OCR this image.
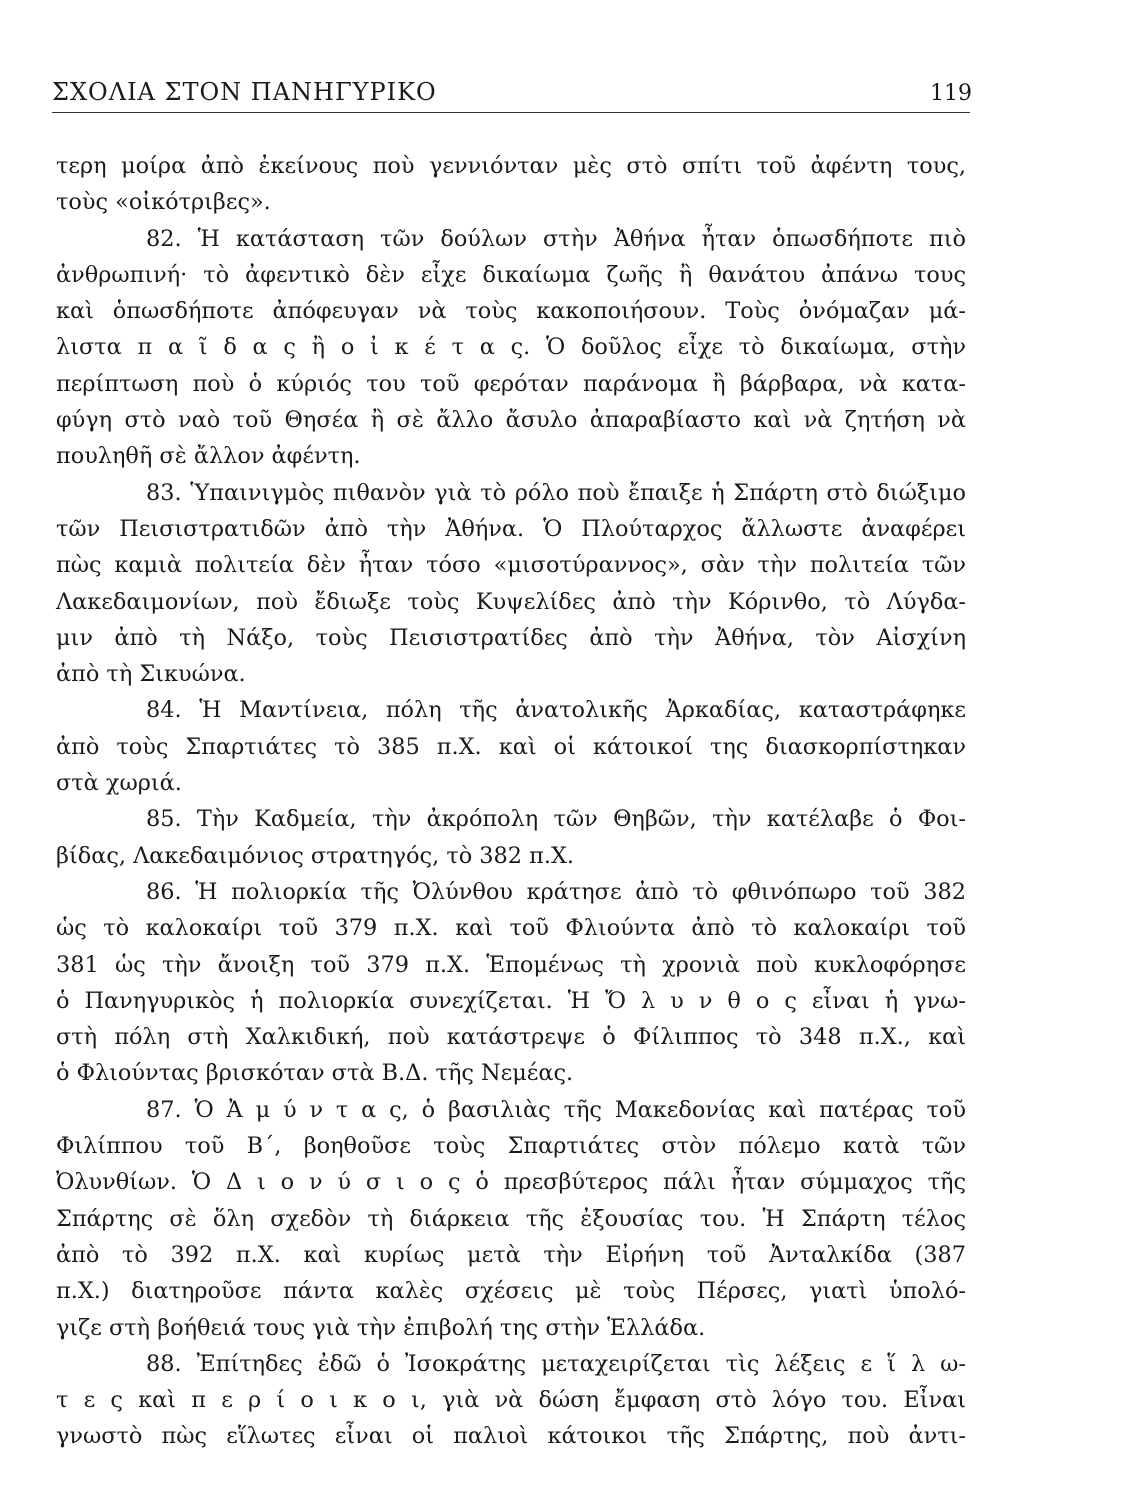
ΣΧΟΛΙΑ ΣΤΟΝ ΠΑΝΗΓΥΡΙΚΟ	119
τερη μοίρα ἀπὸ ἐκείνους ποὺ γεννιόνταν μὲς στὸ σπίτι τοῦ ἀφέντη τους,
τοὺς «οἰκότριβες».
82. Ἡ κατάσταση τῶν δούλων στὴν Ἀθήνα ἦταν ὁπωσδήποτε πιὸ
ἀνθρωπινή· τὸ ἀφεντικὸ δὲν εἶχε δικαίωμα ζωῆς ἢ θανάτου ἀπάνω τους
καὶ ὁπωσδήποτε ἀπόφευγαν νὰ τοὺς κακοποιήσουν. Τοὺς ὀνόμαζαν μά-
λιστα π α ῖ δ α ς ἢ ο ἰ κ έ τ α ς. Ὁ δοῦλος εἶχε τὸ δικαίωμα, στὴν
περίπτωση ποὺ ὁ κύριός του τοῦ φερόταν παράνομα ἢ βάρβαρα, νὰ κατα-
φύγη στὸ ναὸ τοῦ Θησέα ἢ σὲ ἄλλο ἄσυλο ἀπαραβίαστο καὶ νὰ ζητήση νὰ
πουληθῆ σὲ ἄλλον ἀφέντη.
83. Ὑπαινιγμὸς πιθανὸν γιὰ τὸ ρόλο ποὺ ἔπαιξε ἡ Σπάρτη στὸ διώξιμο
τῶν Πεισιστρατιδῶν ἀπὸ τὴν Ἀθήνα. Ὁ Πλούταρχος ἄλλωστε ἀναφέρει
πὼς καμιὰ πολιτεία δὲν ἦταν τόσο «μισοτύραννος», σὰν τὴν πολιτεία τῶν
Λακεδαιμονίων, ποὺ ἔδιωξε τοὺς Κυψελίδες ἀπὸ τὴν Κόρινθο, τὸ Λύγδα-
μιν ἀπὸ τὴ Νάξο, τοὺς Πεισιστρατίδες ἀπὸ τὴν Ἀθήνα, τὸν Αἰσχίνη
ἀπὸ τὴ Σικυώνα.
84. Ἡ Μαντίνεια, πόλη τῆς ἀνατολικῆς Ἀρκαδίας, καταστράφηκε
ἀπὸ τοὺς Σπαρτιάτες τὸ 385 π.Χ. καὶ οἱ κάτοικοί της διασκορπίστηκαν
στὰ χωριά.
85. Τὴν Καδμεία, τὴν ἀκρόπολη τῶν Θηβῶν, τὴν κατέλαβε ὁ Φοι-
βίδας, Λακεδαιμόνιος στρατηγός, τὸ 382 π.Χ.
86. Ἡ πολιορκία τῆς Ὀλύνθου κράτησε ἀπὸ τὸ φθινόπωρο τοῦ 382
ὡς τὸ καλοκαίρι τοῦ 379 π.Χ. καὶ τοῦ Φλιούντα ἀπὸ τὸ καλοκαίρι τοῦ
381 ὡς τὴν ἄνοιξη τοῦ 379 π.Χ. Ἑπομένως τὴ χρονιὰ ποὺ κυκλοφόρησε
ὁ Πανηγυρικὸς ἡ πολιορκία συνεχίζεται. Ἡ Ὄ λ υ ν θ ο ς εἶναι ἡ γνω-
στὴ πόλη στὴ Χαλκιδική, ποὺ κατάστρεψε ὁ Φίλιππος τὸ 348 π.Χ., καὶ
ὁ Φλιούντας βρισκόταν στὰ Β.Δ. τῆς Νεμέας.
87. Ὁ Ἀ μ ύ ν τ α ς, ὁ βασιλιὰς τῆς Μακεδονίας καὶ πατέρας τοῦ
Φιλίππου τοῦ Β΄, βοηθοῦσε τοὺς Σπαρτιάτες στὸν πόλεμο κατὰ τῶν
Ὀλυνθίων. Ὁ Δ ι ο ν ύ σ ι ο ς ὁ πρεσβύτερος πάλι ἦταν σύμμαχος τῆς
Σπάρτης σὲ ὅλη σχεδὸν τὴ διάρκεια τῆς ἐξουσίας του. Ἡ Σπάρτη τέλος
ἀπὸ τὸ 392 π.Χ. καὶ κυρίως μετὰ τὴν Εἰρήνη τοῦ Ἀνταλκίδα (387
π.Χ.) διατηροῦσε πάντα καλὲς σχέσεις μὲ τοὺς Πέρσες, γιατὶ ὑπολό-
γιζε στὴ βοήθειά τους γιὰ τὴν ἐπιβολή της στὴν Ἑλλάδα.
88. Ἐπίτηδες ἐδῶ ὁ Ἰσοκράτης μεταχειρίζεται τὶς λέξεις ε ἵ λ ω-
τ ε ς καὶ π ε ρ ί ο ι κ ο ι, γιὰ νὰ δώση ἔμφαση στὸ λόγο του. Εἶναι
γνωστὸ πὼς εἵλωτες εἶναι οἱ παλιοὶ κάτοικοι τῆς Σπάρτης, ποὺ ἀντι-
